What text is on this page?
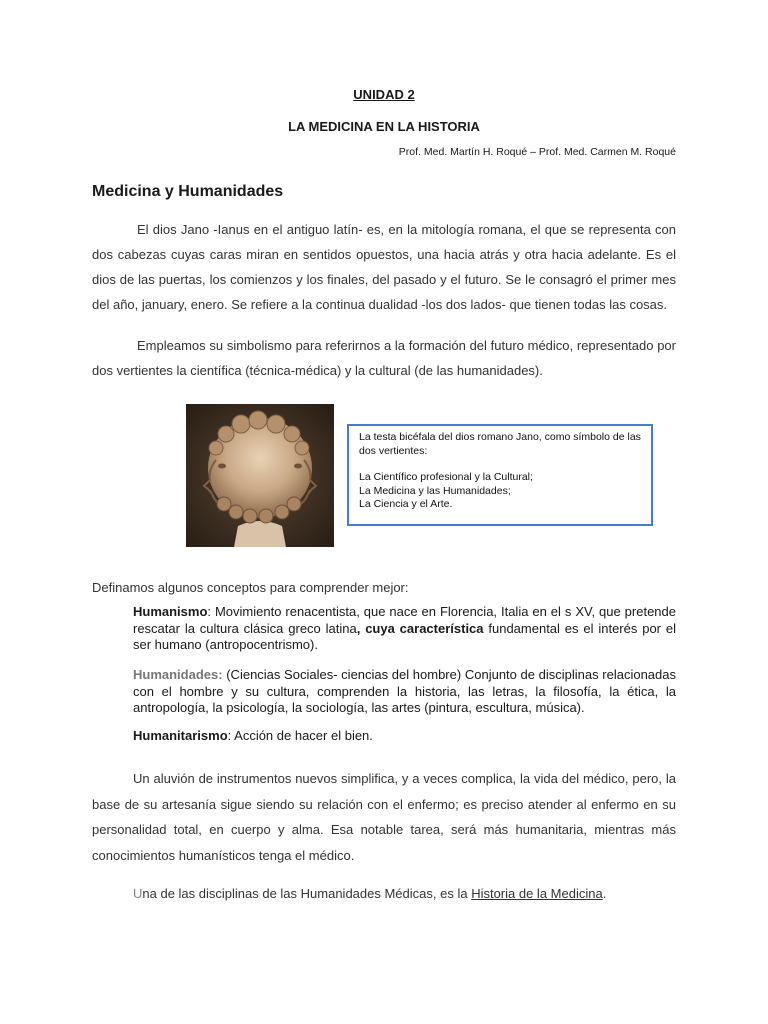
UNIDAD 2
LA MEDICINA EN LA HISTORIA
Prof. Med. Martín H. Roqué – Prof. Med. Carmen M. Roqué
Medicina y Humanidades

El dios Jano -Ianus en el antiguo latín- es, en la mitología romana, el que se representa con dos cabezas cuyas caras miran en sentidos opuestos, una hacia atrás y otra hacia adelante. Es el dios de las puertas, los comienzos y los finales, del pasado y el futuro. Se le consagró el primer mes del año, january, enero. Se refiere a la continua dualidad -los dos lados- que tienen todas las cosas.

Empleamos su simbolismo para referirnos a la formación del futuro médico, representado por dos vertientes la científica (técnica-médica) y la cultural (de las humanidades).

La testa bicéfala del dios romano Jano, como símbolo de las dos vertientes:
La Científico profesional y la Cultural;
La Medicina y las Humanidades;
La Ciencia y el Arte.
Definamos algunos conceptos para comprender mejor:
Humanismo: Movimiento renacentista, que nace en Florencia, Italia en el s XV, que pretende rescatar la cultura clásica greco latina, cuya característica fundamental es el interés por el ser humano (antropocentrismo).
Humanidades: (Ciencias Sociales- ciencias del hombre) Conjunto de disciplinas relacionadas con el hombre y su cultura, comprenden la historia, las letras, la filosofía, la ética, la antropología, la psicología, la sociología, las artes (pintura, escultura, música).
Humanitarismo: Acción de hacer el bien.

Un aluvión de instrumentos nuevos simplifica, y a veces complica, la vida del médico, pero, la base de su artesanía sigue siendo su relación con el enfermo; es preciso atender al enfermo en su personalidad total, en cuerpo y alma. Esa notable tarea, será más humanitaria, mientras más conocimientos humanísticos tenga el médico.

Una de las disciplinas de las Humanidades Médicas, es la Historia de la Medicina.
